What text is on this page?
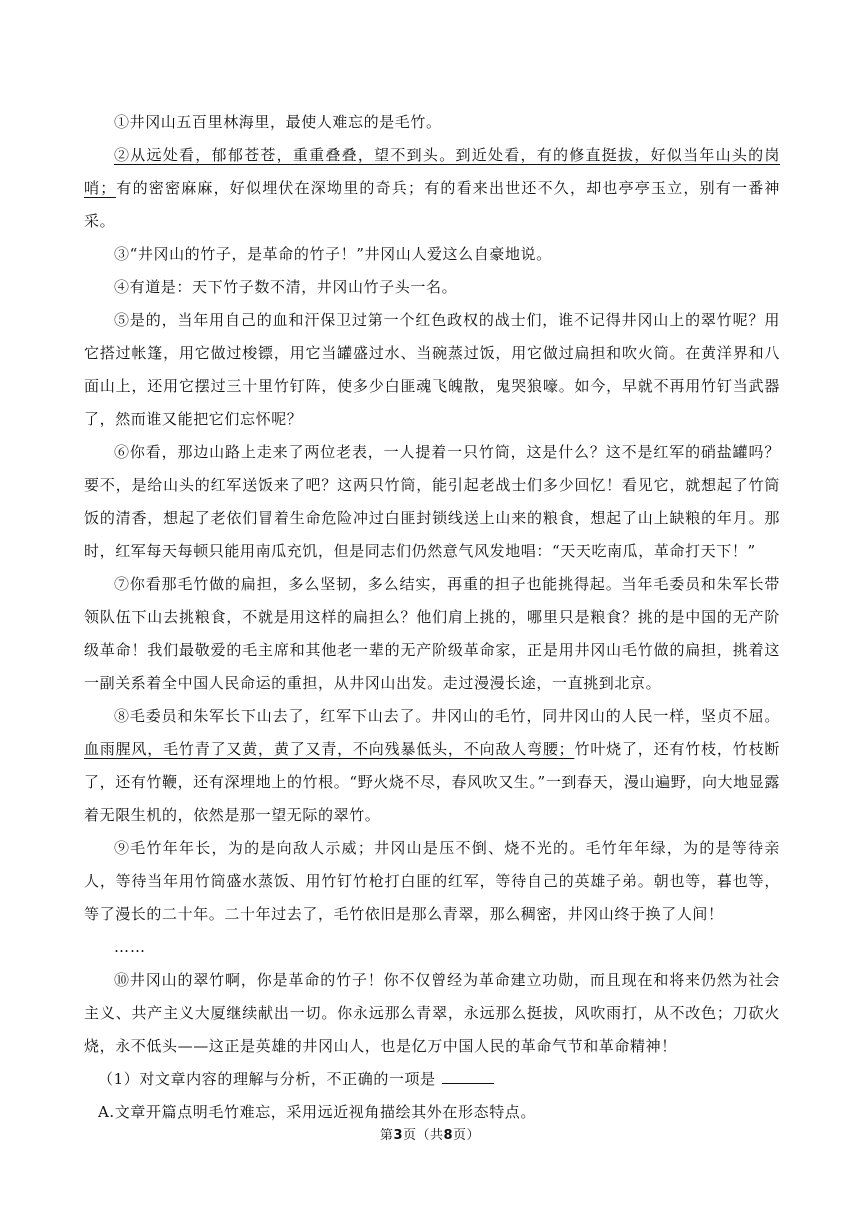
①井冈山五百里林海里，最使人难忘的是毛竹。

②从远处看，郁郁苍苍，重重叠叠，望不到头。到近处看，有的修直挺拔，好似当年山头的岗哨；有的密密麻麻，好似埋伏在深坳里的奇兵；有的看来出世还不久，却也亭亭玉立，别有一番神采。

③“井冈山的竹子，是革命的竹子！”井冈山人爱这么自豪地说。

④有道是：天下竹子数不清，井冈山竹子头一名。

⑤是的，当年用自己的血和汗保卫过第一个红色政权的战士们，谁不记得井冈山上的翠竹呢？用它搭过帐篷，用它做过梭镖，用它当罐盛过水、当碗蒸过饭，用它做过扁担和吹火筒。在黄洋界和八面山上，还用它摆过三十里竹钉阵，使多少白匪魂飞魄散，鬼哭狼嚎。如今，早就不再用竹钉当武器了，然而谁又能把它们忘怀呢？

⑥你看，那边山路上走来了两位老表，一人提着一只竹筒，这是什么？这不是红军的硝盐罐吗？要不，是给山头的红军送饭来了吧？这两只竹筒，能引起老战士们多少回忆！看见它，就想起了竹筒饭的清香，想起了老依们冒着生命危险冲过白匪封锁线送上山来的粮食，想起了山上缺粮的年月。那时，红军每天每顿只能用南瓜充饥，但是同志们仍然意气风发地唱：“天天吃南瓜，革命打天下！”

⑦你看那毛竹做的扁担，多么坚韧，多么结实，再重的担子也能挑得起。当年毛委员和朱军长带领队伍下山去挑粮食，不就是用这样的扁担么？他们肩上挑的，哪里只是粮食？挑的是中国的无产阶级革命！我们最敬爱的毛主席和其他老一辈的无产阶级革命家，正是用井冈山毛竹做的扁担，挑着这一副关系着全中国人民命运的重担，从井冈山出发。走过漫漫长途，一直挑到北京。

⑧毛委员和朱军长下山去了，红军下山去了。井冈山的毛竹，同井冈山的人民一样，坚贞不屈。血雨腥风，毛竹青了又黄，黄了又青，不向残暴低头，不向敌人弯腰；竹叶烧了，还有竹枝，竹枝断了，还有竹鞭，还有深埋地上的竹根。“野火烧不尽，春风吹又生。”一到春天，漫山遍野，向大地显露着无限生机的，依然是那一望无际的翠竹。

⑨毛竹年年长，为的是向敌人示威；井冈山是压不倒、烧不光的。毛竹年年绿，为的是等待亲人，等待当年用竹筒盛水蒸饭、用竹钉竹枪打白匪的红军，等待自己的英雄子弟。朝也等，暮也等，等了漫长的二十年。二十年过去了，毛竹依旧是那么青翠，那么稠密，井冈山终于换了人间！

……

⑩井冈山的翠竹啊，你是革命的竹子！你不仅曾经为革命建立功勋，而且现在和将来仍然为社会主义、共产主义大厦继续献出一切。你永远那么青翠，永远那么挺拔，风吹雨打，从不改色；刀砍火烧，永不低头——这正是英雄的井冈山人，也是亿万中国人民的革命气节和革命精神！

（1）对文章内容的理解与分析，不正确的一项是

A.文章开篇点明毛竹难忘，采用远近视角描绘其外在形态特点。

第3页（共8页）
